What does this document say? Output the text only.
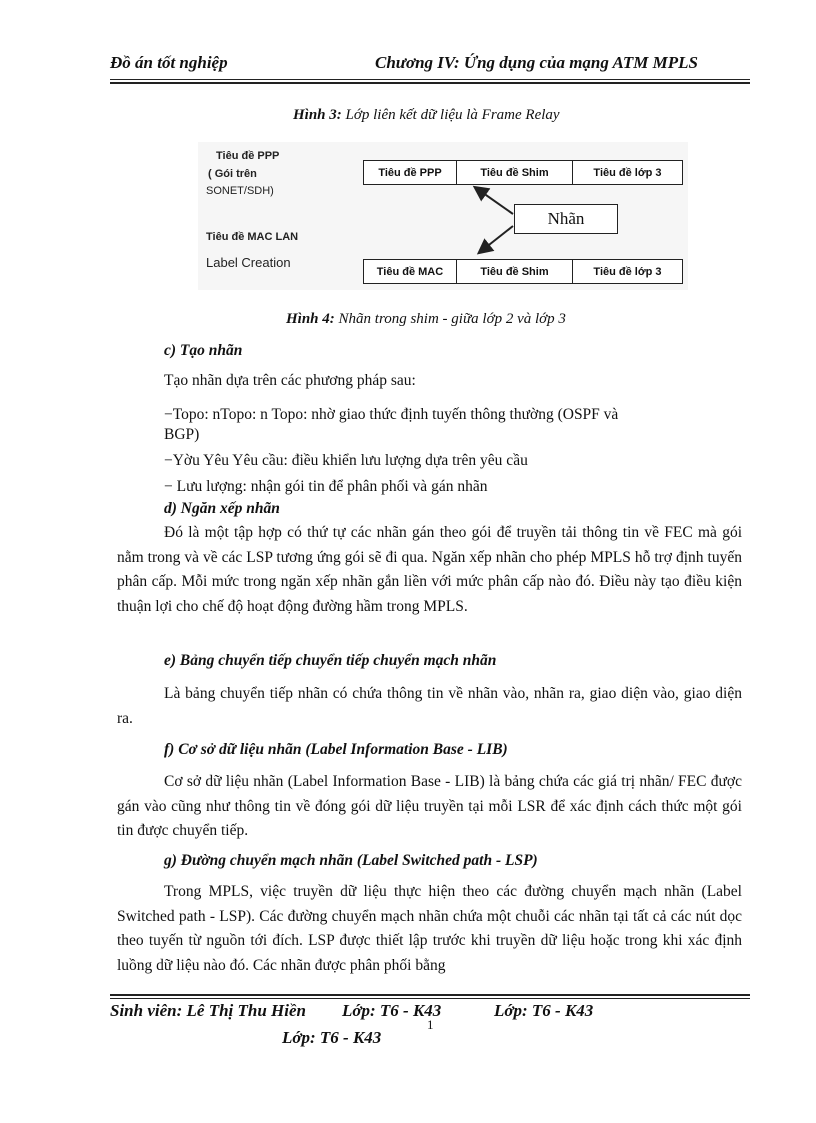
Đồ án tốt nghiệp	Chương IV: Ứng dụng của mạng ATM MPLS
Hình 3: Lớp liên kết dữ liệu là Frame Relay
Tiêu đề PPP
( Gói trên
SONET/SDH)
Tiêu đề MAC LAN
Label Creation
Tiêu đề PPP	Tiêu đề Shim	Tiêu đề lớp 3
Nhãn
Tiêu đề MAC	Tiêu đề Shim	Tiêu đề lớp 3
Hình 4: Nhãn trong shim - giữa lớp 2 và lớp 3
c) Tạo nhãn
Tạo nhãn dựa trên các phương pháp sau:
−Topo: nTopo: n Topo: nhờ giao thức định tuyến thông thường (OSPF và
BGP)
−Yờu Yêu Yêu cầu: điều khiển lưu lượng dựa trên yêu cầu
− Lưu lượng: nhận gói tin để phân phối và gán nhãn
d) Ngăn xếp nhãn
Đó là một tập hợp có thứ tự các nhãn gán theo gói để truyền tải thông tin về FEC mà gói nằm trong và về các LSP tương ứng gói sẽ đi qua. Ngăn xếp nhãn cho phép MPLS hỗ trợ định tuyến phân cấp. Mỗi mức trong ngăn xếp nhãn gắn liền với mức phân cấp nào đó. Điều này tạo điều kiện thuận lợi cho chế độ hoạt động đường hầm trong MPLS.
e) Bảng chuyển tiếp chuyển tiếp chuyển mạch nhãn
Là bảng chuyển tiếp nhãn có chứa thông tin về nhãn vào, nhãn ra, giao diện vào, giao diện ra.
f) Cơ sở dữ liệu nhãn (Label Information Base - LIB)
Cơ sở dữ liệu nhãn (Label Information Base - LIB) là bảng chứa các giá trị nhãn/ FEC được gán vào cũng như thông tin về đóng gói dữ liệu truyền tại mỗi LSR để xác định cách thức một gói tin được chuyển tiếp.
g) Đường chuyển mạch nhãn (Label Switched path - LSP)
Trong MPLS, việc truyền dữ liệu thực hiện theo các đường chuyển mạch nhãn (Label Switched path - LSP). Các đường chuyển mạch nhãn chứa một chuỗi các nhãn tại tất cả các nút dọc theo tuyến từ nguồn tới đích. LSP được thiết lập trước khi truyền dữ liệu hoặc trong khi xác định luồng dữ liệu nào đó. Các nhãn được phân phối bằng
Sinh viên: Lê Thị Thu Hiền Lớp: T6 - K43
1
Lớp: T6 - K43
Lớp: T6 - K43
